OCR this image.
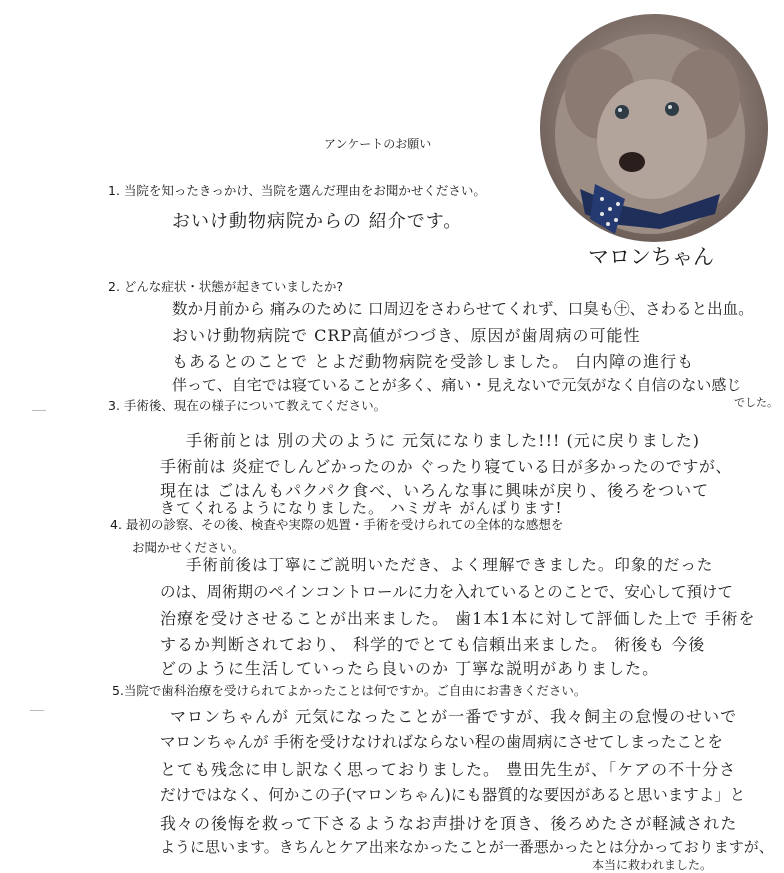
マロンちゃん
アンケートのお願い
1. 当院を知ったきっかけ、当院を選んだ理由をお聞かせください。
おいけ動物病院からの 紹介です。
2. どんな症状・状態が起きていましたか?
数か月前から 痛みのために 口周辺をさわらせてくれず、口臭も㊉、さわると出血。
おいけ動物病院で CRP高値がつづき、原因が歯周病の可能性
もあるとのことで とよだ動物病院を受診しました。 白内障の進行も
伴って、自宅では寝ていることが多く、痛い・見えないで元気がなく自信のない感じ
でした。
3. 手術後、現在の様子について教えてください。
手術前とは 別の犬のように 元気になりました!!! (元に戻りました)
手術前は 炎症でしんどかったのか ぐったり寝ている日が多かったのですが、
現在は ごはんもパクパク食べ、いろんな事に興味が戻り、後ろをついて
きてくれるようになりました。 ハミガキ がんばります!
4. 最初の診察、その後、検査や実際の処置・手術を受けられての全体的な感想を
お聞かせください。
手術前後は丁寧にご説明いただき、よく理解できました。印象的だった
のは、周術期のペインコントロールに力を入れているとのことで、安心して預けて
治療を受けさせることが出来ました。 歯1本1本に対して評価した上で 手術を
するか判断されており、 科学的でとても信頼出来ました。 術後も 今後
どのように生活していったら良いのか 丁寧な説明がありました。
5.当院で歯科治療を受けられてよかったことは何ですか。ご自由にお書きください。
マロンちゃんが 元気になったことが一番ですが、我々飼主の怠慢のせいで
マロンちゃんが 手術を受けなければならない程の歯周病にさせてしまったことを
とても残念に申し訳なく思っておりました。 豊田先生が、「ケアの不十分さ
だけではなく、何かこの子(マロンちゃん)にも器質的な要因があると思いますよ」と
我々の後悔を救って下さるようなお声掛けを頂き、後ろめたさが軽減された
ように思います。きちんとケア出来なかったことが一番悪かったとは分かっておりますが、
本当に救われました。
